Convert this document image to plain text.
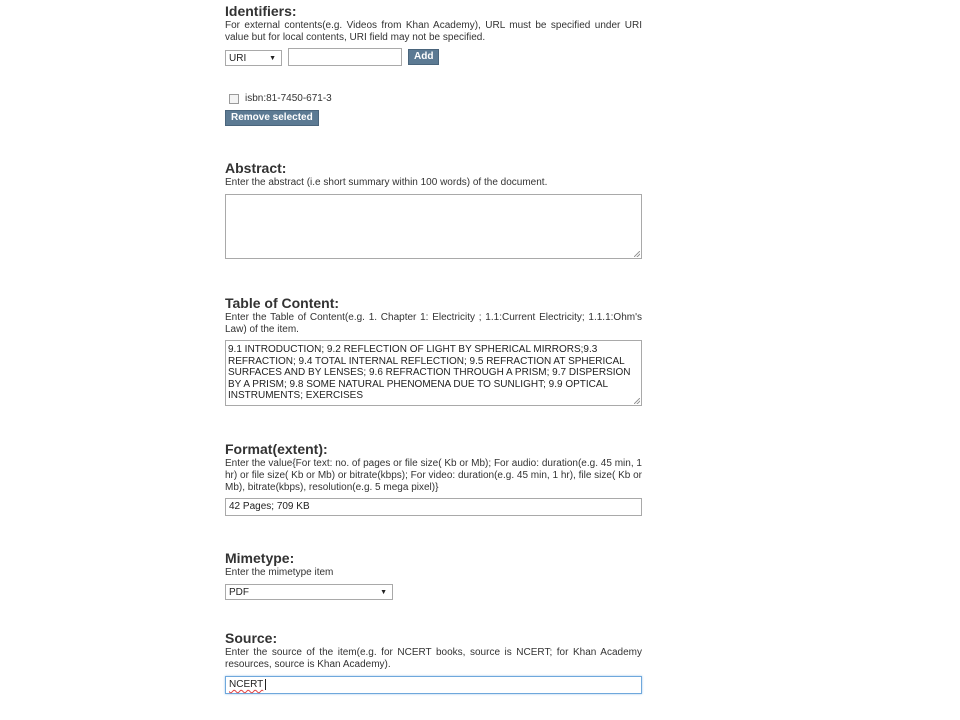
Identifiers:

For external contents(e.g. Videos from Khan Academy), URL must be specified under URI value but for local contents, URI field may not be specified.

URI	▼	Add
isbn:81-7450-671-3
Remove selected
Abstract:

Enter the abstract (i.e short summary within 100 words) of the document.

Table of Content:

Enter the Table of Content(e.g. 1. Chapter 1: Electricity ; 1.1:Current Electricity; 1.1.1:Ohm's Law) of the item.

9.1 INTRODUCTION; 9.2 REFLECTION OF LIGHT BY SPHERICAL MIRRORS;9.3 REFRACTION; 9.4 TOTAL INTERNAL REFLECTION; 9.5 REFRACTION AT SPHERICAL SURFACES AND BY LENSES; 9.6 REFRACTION THROUGH A PRISM; 9.7 DISPERSION BY A PRISM; 9.8 SOME NATURAL PHENOMENA DUE TO SUNLIGHT; 9.9 OPTICAL INSTRUMENTS; EXERCISES
Format(extent):

Enter the value{For text: no. of pages or file size( Kb or Mb); For audio: duration(e.g. 45 min, 1 hr) or file size( Kb or Mb) or bitrate(kbps); For video: duration(e.g. 45 min, 1 hr), file size( Kb or Mb), bitrate(kbps), resolution(e.g. 5 mega pixel)}

42 Pages; 709 KB
Mimetype:

Enter the mimetype item

PDF	▼
Source:

Enter the source of the item(e.g. for NCERT books, source is NCERT; for Khan Academy resources, source is Khan Academy).

NCERT
